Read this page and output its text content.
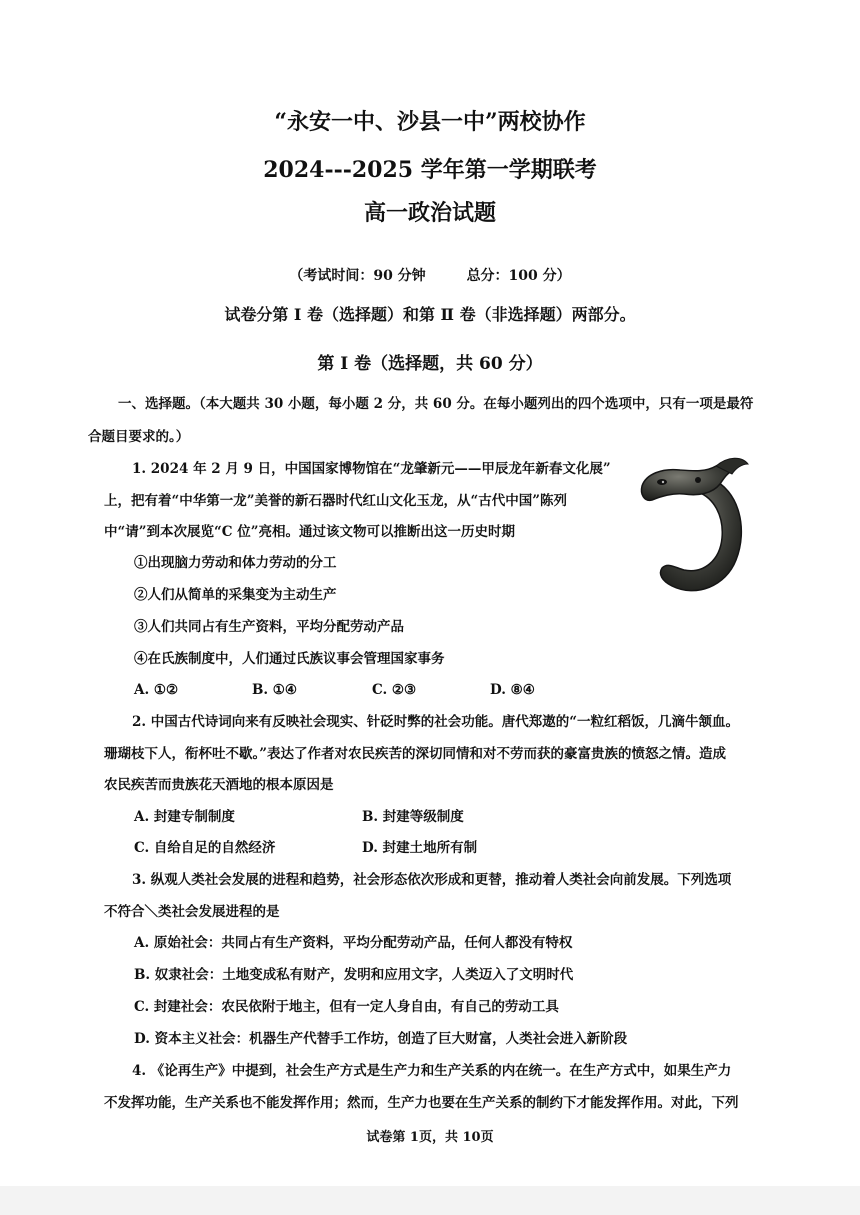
“永安一中、沙县一中”两校协作
2024---2025 学年第一学期联考
高一政治试题
（考试时间：90 分钟	总分：100 分）
试卷分第 Ⅰ 卷（选择题）和第 Ⅱ 卷（非选择题）两部分。
第 Ⅰ 卷（选择题，共 60 分）
一、选择题。（本大题共 30 小题，每小题 2 分，共 60 分。在每小题列出的四个选项中，只有一项是最符
合题目要求的。）
1. 2024 年 2 月 9 日，中国国家博物馆在“龙肇新元——甲辰龙年新春文化展”
上，把有着“中华第一龙”美誉的新石器时代红山文化玉龙，从“古代中国”陈列
中“请”到本次展览“C 位”亮相。通过该文物可以推断出这一历史时期
①出现脑力劳动和体力劳动的分工
②人们从简单的采集变为主动生产
③人们共同占有生产资料，平均分配劳动产品
④在氏族制度中，人们通过氏族议事会管理国家事务
A. ①②	B. ①④	C. ②③	D. ⑧④
2. 中国古代诗词向来有反映社会现实、针砭时弊的社会功能。唐代郑遨的“一粒红稻饭，几滴牛颔血。
珊瑚枝下人，衔杯吐不歇。”表达了作者对农民疾苦的深切同情和对不劳而获的豪富贵族的愤怒之情。造成
农民疾苦而贵族花天酒地的根本原因是
A. 封建专制制度	B. 封建等级制度
C. 自给自足的自然经济	D. 封建土地所有制
3. 纵观人类社会发展的进程和趋势，社会形态依次形成和更替，推动着人类社会向前发展。下列选项
不符合＼类社会发展进程的是
A. 原始社会：共同占有生产资料，平均分配劳动产品，任何人都没有特权
B. 奴隶社会：土地变成私有财产，发明和应用文字，人类迈入了文明时代
C. 封建社会：农民依附于地主，但有一定人身自由，有自己的劳动工具
D. 资本主义社会：机器生产代替手工作坊，创造了巨大财富，人类社会进入新阶段
4. 《论再生产》中提到，社会生产方式是生产力和生产关系的内在统一。在生产方式中，如果生产力
不发挥功能，生产关系也不能发挥作用；然而，生产力也要在生产关系的制约下才能发挥作用。对此，下列
试卷第 1页，共 10页
